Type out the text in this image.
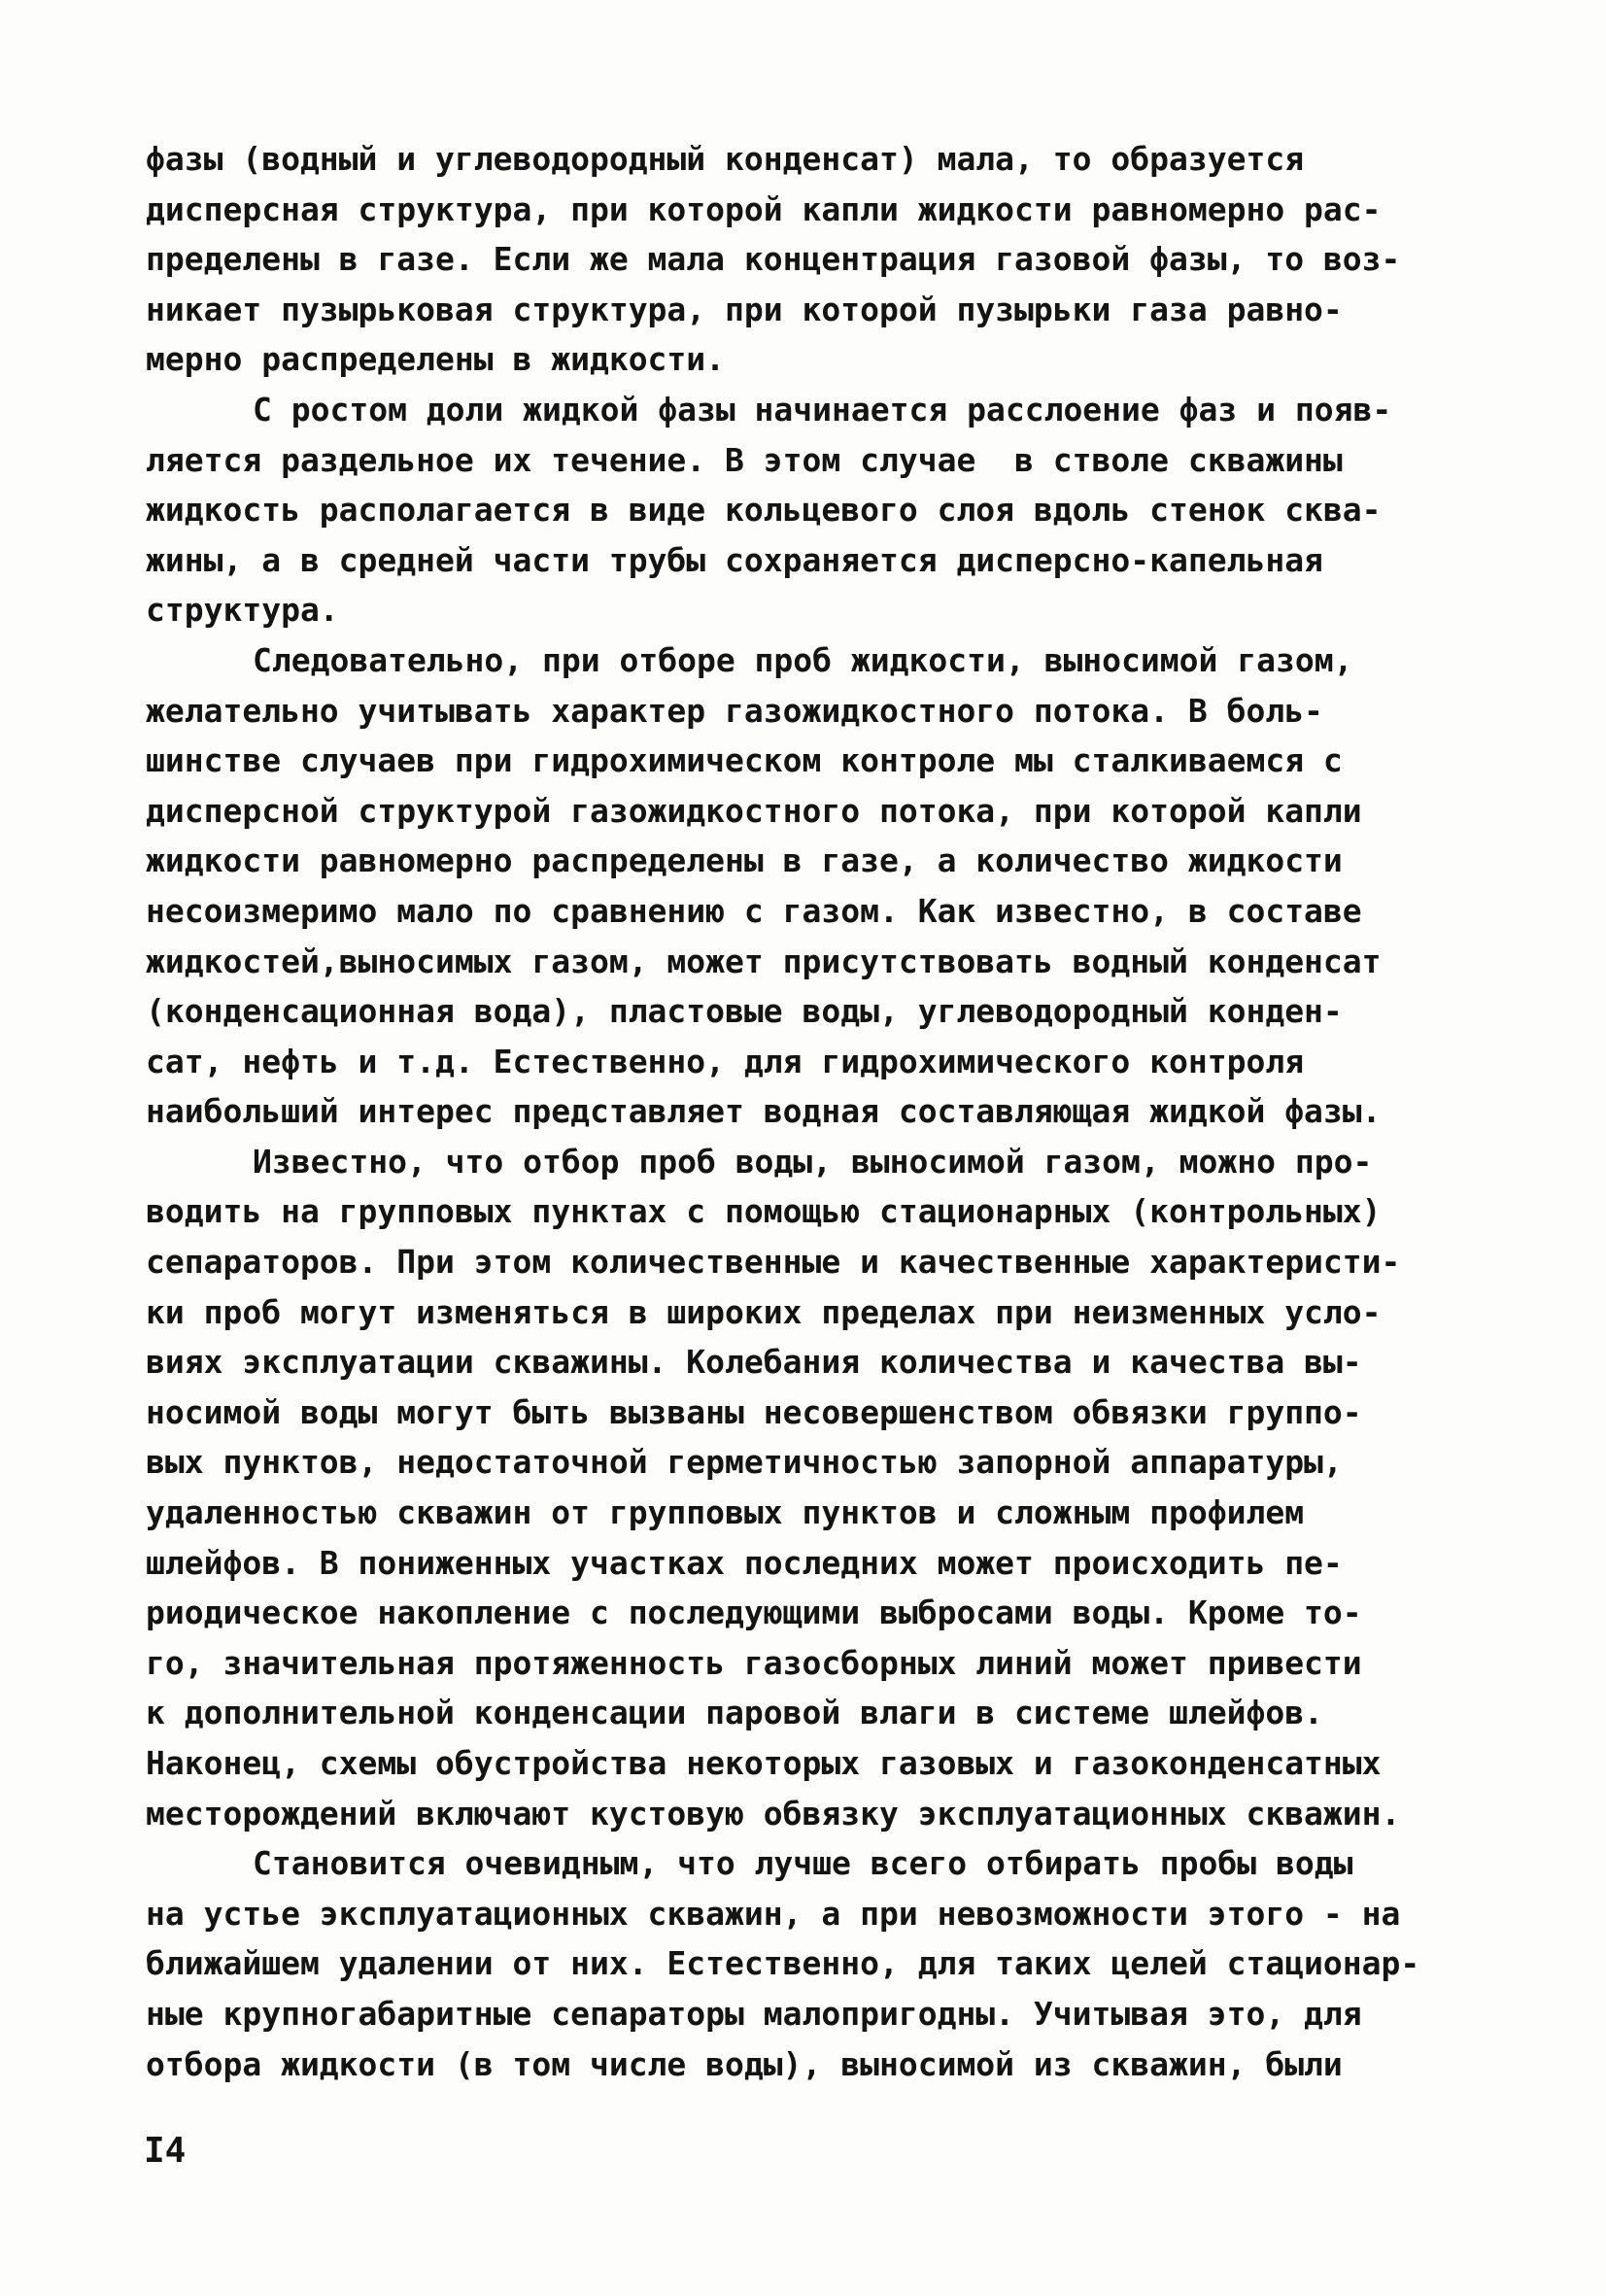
фазы (водный и углеводородный конденсат) мала, то образуется
дисперсная структура, при которой капли жидкости равномерно рас-
пределены в газе. Если же мала концентрация газовой фазы, то воз-
никает пузырьковая структура, при которой пузырьки газа равно-
мерно распределены в жидкости.
С ростом доли жидкой фазы начинается расслоение фаз и появ-
ляется раздельное их течение. В этом случае  в стволе скважины
жидкость располагается в виде кольцевого слоя вдоль стенок сква-
жины, а в средней части трубы сохраняется дисперсно-капельная
структура.
Следовательно, при отборе проб жидкости, выносимой газом,
желательно учитывать характер газожидкостного потока. В боль-
шинстве случаев при гидрохимическом контроле мы сталкиваемся с
дисперсной структурой газожидкостного потока, при которой капли
жидкости равномерно распределены в газе, а количество жидкости
несоизмеримо мало по сравнению с газом. Как известно, в составе
жидкостей,выносимых газом, может присутствовать водный конденсат
(конденсационная вода), пластовые воды, углеводородный конден-
сат, нефть и т.д. Естественно, для гидрохимического контроля
наибольший интерес представляет водная составляющая жидкой фазы.
Известно, что отбор проб воды, выносимой газом, можно про-
водить на групповых пунктах с помощью стационарных (контрольных)
сепараторов. При этом количественные и качественные характеристи-
ки проб могут изменяться в широких пределах при неизменных усло-
виях эксплуатации скважины. Колебания количества и качества вы-
носимой воды могут быть вызваны несовершенством обвязки группо-
вых пунктов, недостаточной герметичностью запорной аппаратуры,
удаленностью скважин от групповых пунктов и сложным профилем
шлейфов. В пониженных участках последних может происходить пе-
риодическое накопление с последующими выбросами воды. Кроме то-
го, значительная протяженность газосборных линий может привести
к дополнительной конденсации паровой влаги в системе шлейфов.
Наконец, схемы обустройства некоторых газовых и газоконденсатных
месторождений включают кустовую обвязку эксплуатационных скважин.
Становится очевидным, что лучше всего отбирать пробы воды
на устье эксплуатационных скважин, а при невозможности этого - на
ближайшем удалении от них. Естественно, для таких целей стационар-
ные крупногабаритные сепараторы малопригодны. Учитывая это, для
отбора жидкости (в том числе воды), выносимой из скважин, были
I4
